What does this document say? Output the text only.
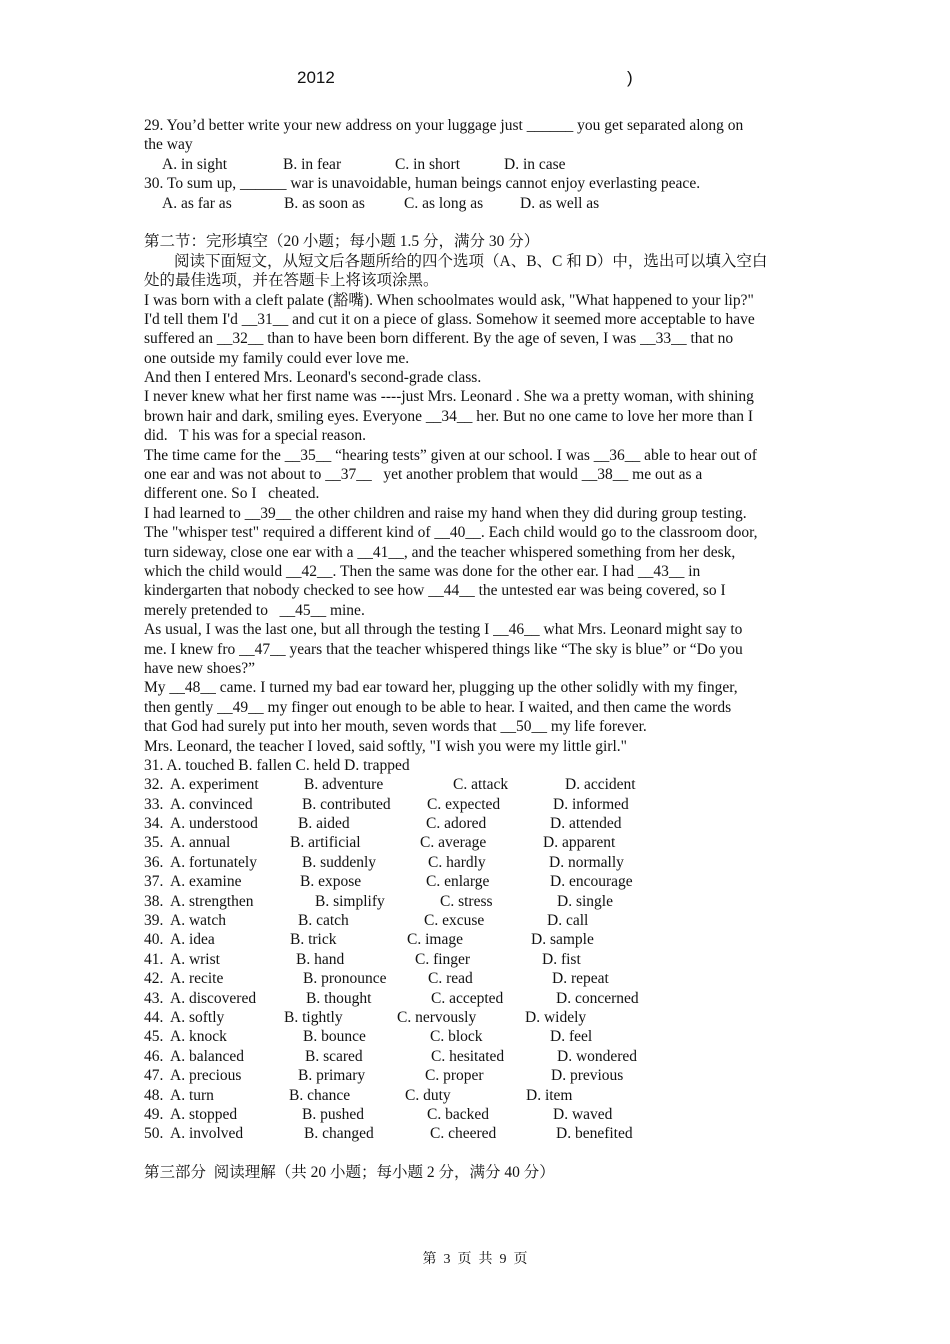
2012	)
29. You’d better write your new address on your luggage just ______ you get separated along on
the way
A. in sight	B. in fear	C. in short	D. in case
30. To sum up, ______ war is unavoidable, human beings cannot enjoy everlasting peace.
A. as far as	B. as soon as	C. as long as	D. as well as
第二节：完形填空（20 小题；每小题 1.5 分，满分 30 分）
阅读下面短文，从短文后各题所给的四个选项（A、B、C 和 D）中，选出可以填入空白
处的最佳选项，并在答题卡上将该项涂黑。
I was born with a cleft palate (豁嘴). When schoolmates would ask, "What happened to your lip?"
I'd tell them I'd __31__ and cut it on a piece of glass. Somehow it seemed more acceptable to have
suffered an __32__ than to have been born different. By the age of seven, I was __33__ that no
one outside my family could ever love me.
And then I entered Mrs. Leonard's second-grade class.
I never knew what her first name was ----just Mrs. Leonard . She wa a pretty woman, with shining
brown hair and dark, smiling eyes. Everyone __34__ her. But no one came to love her more than I
did.   T his was for a special reason.
The time came for the __35__ “hearing tests” given at our school. I was __36__ able to hear out of
one ear and was not about to __37__   yet another problem that would __38__ me out as a
different one. So I   cheated.
I had learned to __39__ the other children and raise my hand when they did during group testing.
The "whisper test" required a different kind of __40__. Each child would go to the classroom door,
turn sideway, close one ear with a __41__, and the teacher whispered something from her desk,
which the child would __42__. Then the same was done for the other ear. I had __43__ in
kindergarten that nobody checked to see how __44__ the untested ear was being covered, so I
merely pretended to   __45__ mine.
As usual, I was the last one, but all through the testing I __46__ what Mrs. Leonard might say to
me. I knew fro __47__ years that the teacher whispered things like “The sky is blue” or “Do you
have new shoes?”
My __48__ came. I turned my bad ear toward her, plugging up the other solidly with my finger,
then gently __49__ my finger out enough to be able to hear. I waited, and then came the words
that God had surely put into her mouth, seven words that __50__ my life forever.
Mrs. Leonard, the teacher I loved, said softly, "I wish you were my little girl."
31. A. touched B. fallen C. held D. trapped
32. A. experiment	B. adventure	C. attack	D. accident
33. A. convinced	B. contributed	C. expected	D. informed
34. A. understood	B. aided	C. adored	D. attended
35. A. annual	B. artificial	C. average	D. apparent
36. A. fortunately	B. suddenly	C. hardly	D. normally
37. A. examine	B. expose	C. enlarge	D. encourage
38. A. strengthen	B. simplify	C. stress	D. single
39. A. watch	B. catch	C. excuse	D. call
40. A. idea	B. trick	C. image	D. sample
41. A. wrist	B. hand	C. finger	D. fist
42. A. recite	B. pronounce	C. read	D. repeat
43. A. discovered	B. thought	C. accepted	D. concerned
44. A. softly	B. tightly	C. nervously	D. widely
45. A. knock	B. bounce	C. block	D. feel
46. A. balanced	B. scared	C. hesitated	D. wondered
47. A. precious	B. primary	C. proper	D. previous
48. A. turn	B. chance	C. duty	D. item
49. A. stopped	B. pushed	C. backed	D. waved
50. A. involved	B. changed	C. cheered	D. benefited
第三部分  阅读理解（共 20 小题；每小题 2 分，满分 40 分）
第  3  页  共  9  页
